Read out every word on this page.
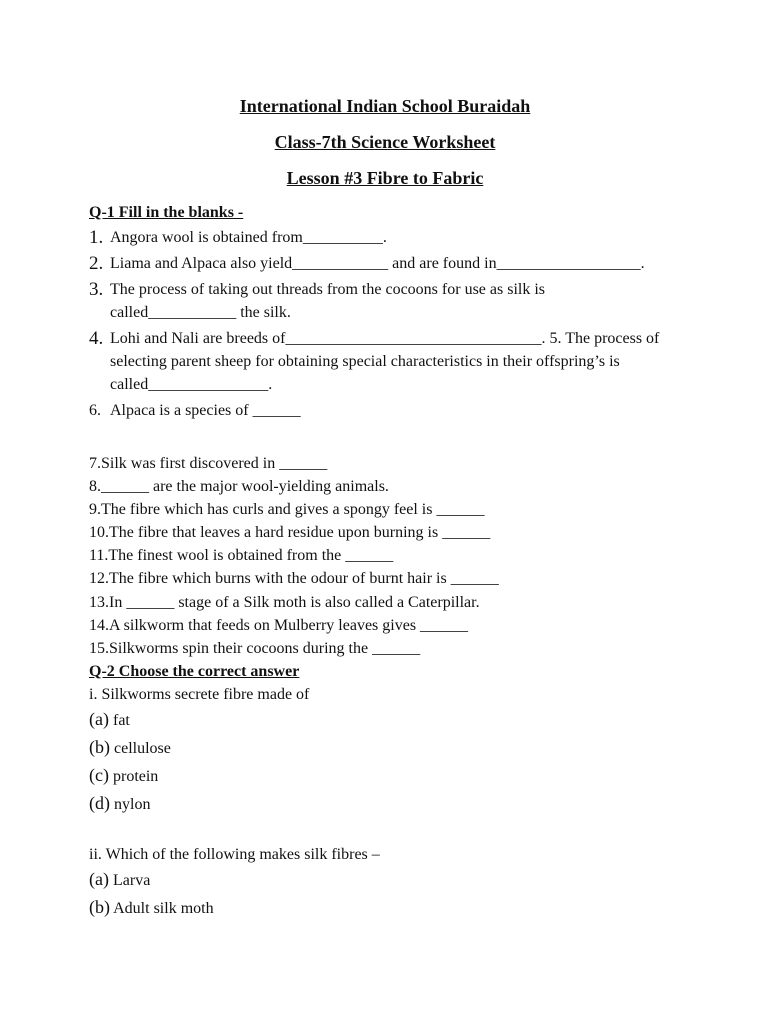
International Indian School Buraidah
Class-7th Science Worksheet
Lesson #3 Fibre to Fabric
Q-1 Fill in the blanks -
1. Angora wool is obtained from__________.
2. Liama and Alpaca also yield____________ and are found in__________________.
3. The process of taking out threads from the cocoons for use as silk is called___________ the silk.
4. Lohi and Nali are breeds of________________________________. 5. The process of selecting parent sheep for obtaining special characteristics in their offspring’s is called_______________.
6. Alpaca is a species of ______
7.Silk was first discovered in ______
8.______ are the major wool-yielding animals.
9.The fibre which has curls and gives a spongy feel is ______
10.The fibre that leaves a hard residue upon burning is ______
11.The finest wool is obtained from the ______
12.The fibre which burns with the odour of burnt hair is ______
13.In ______ stage of a Silk moth is also called a Caterpillar.
14.A silkworm that feeds on Mulberry leaves gives ______
15.Silkworms spin their cocoons during the ______
Q-2 Choose the correct answer
i. Silkworms secrete fibre made of
(a) fat
(b) cellulose
(c) protein
(d) nylon
ii. Which of the following makes silk fibres –
(a) Larva
(b) Adult silk moth
